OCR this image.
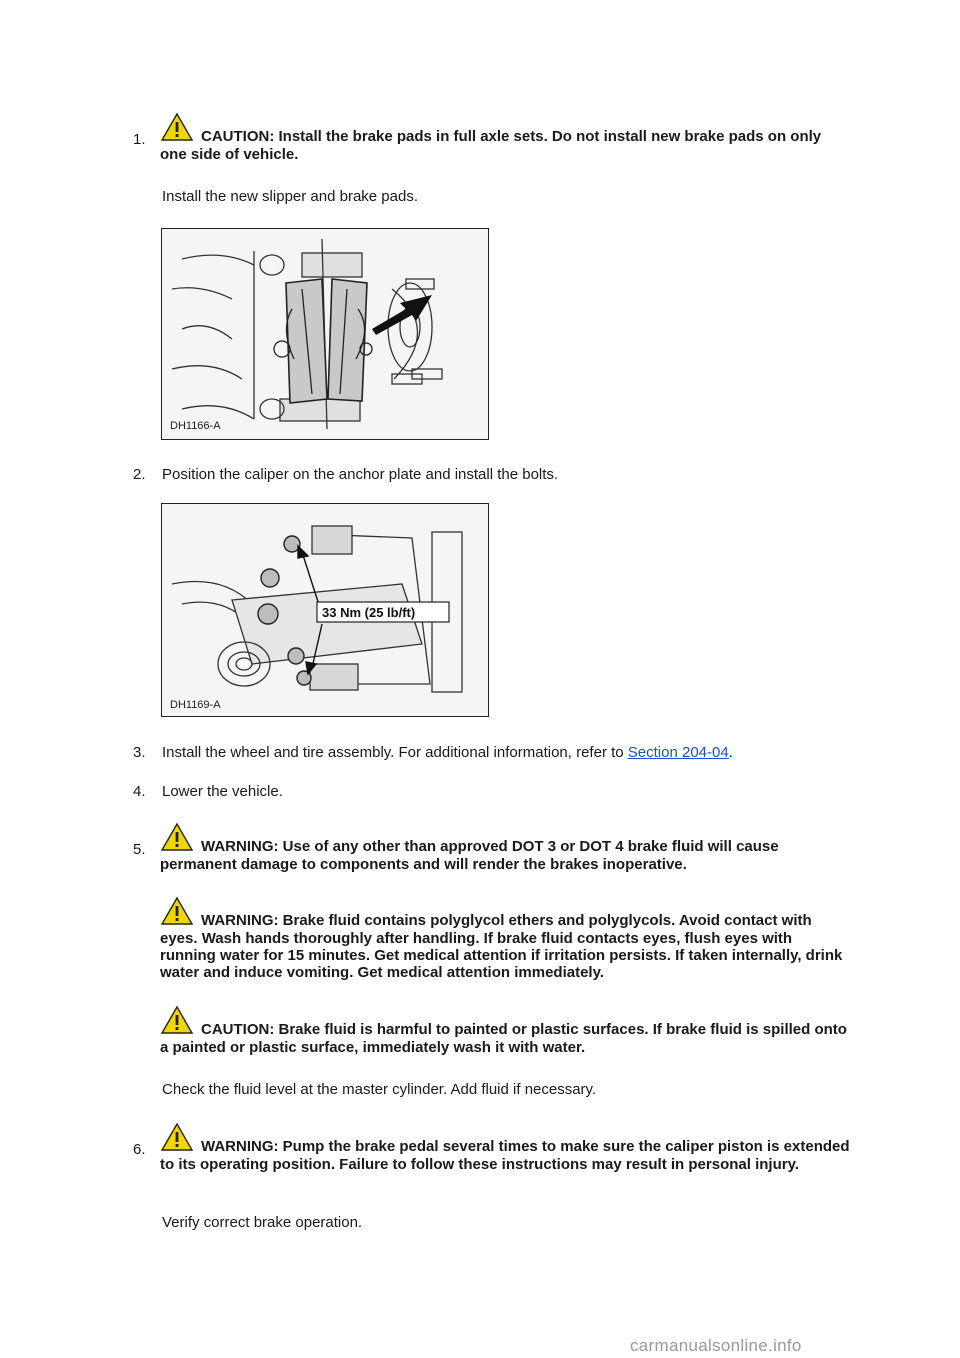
1.	CAUTION: Install the brake pads in full axle sets. Do not install new brake pads on only one side of vehicle.
Install the new slipper and brake pads.
DH1166-A
2. Position the caliper on the anchor plate and install the bolts.
33 Nm (25 lb/ft)
DH1169-A
3. Install the wheel and tire assembly. For additional information, refer to Section 204-04.
4. Lower the vehicle.
5.	WARNING: Use of any other than approved DOT 3 or DOT 4 brake fluid will cause permanent damage to components and will render the brakes inoperative.
WARNING: Brake fluid contains polyglycol ethers and polyglycols. Avoid contact with eyes. Wash hands thoroughly after handling. If brake fluid contacts eyes, flush eyes with running water for 15 minutes. Get medical attention if irritation persists. If taken internally, drink water and induce vomiting. Get medical attention immediately.
CAUTION: Brake fluid is harmful to painted or plastic surfaces. If brake fluid is spilled onto a painted or plastic surface, immediately wash it with water.
Check the fluid level at the master cylinder. Add fluid if necessary.
6.	WARNING: Pump the brake pedal several times to make sure the caliper piston is extended to its operating position. Failure to follow these instructions may result in personal injury.
Verify correct brake operation.
carmanualsonline.info
